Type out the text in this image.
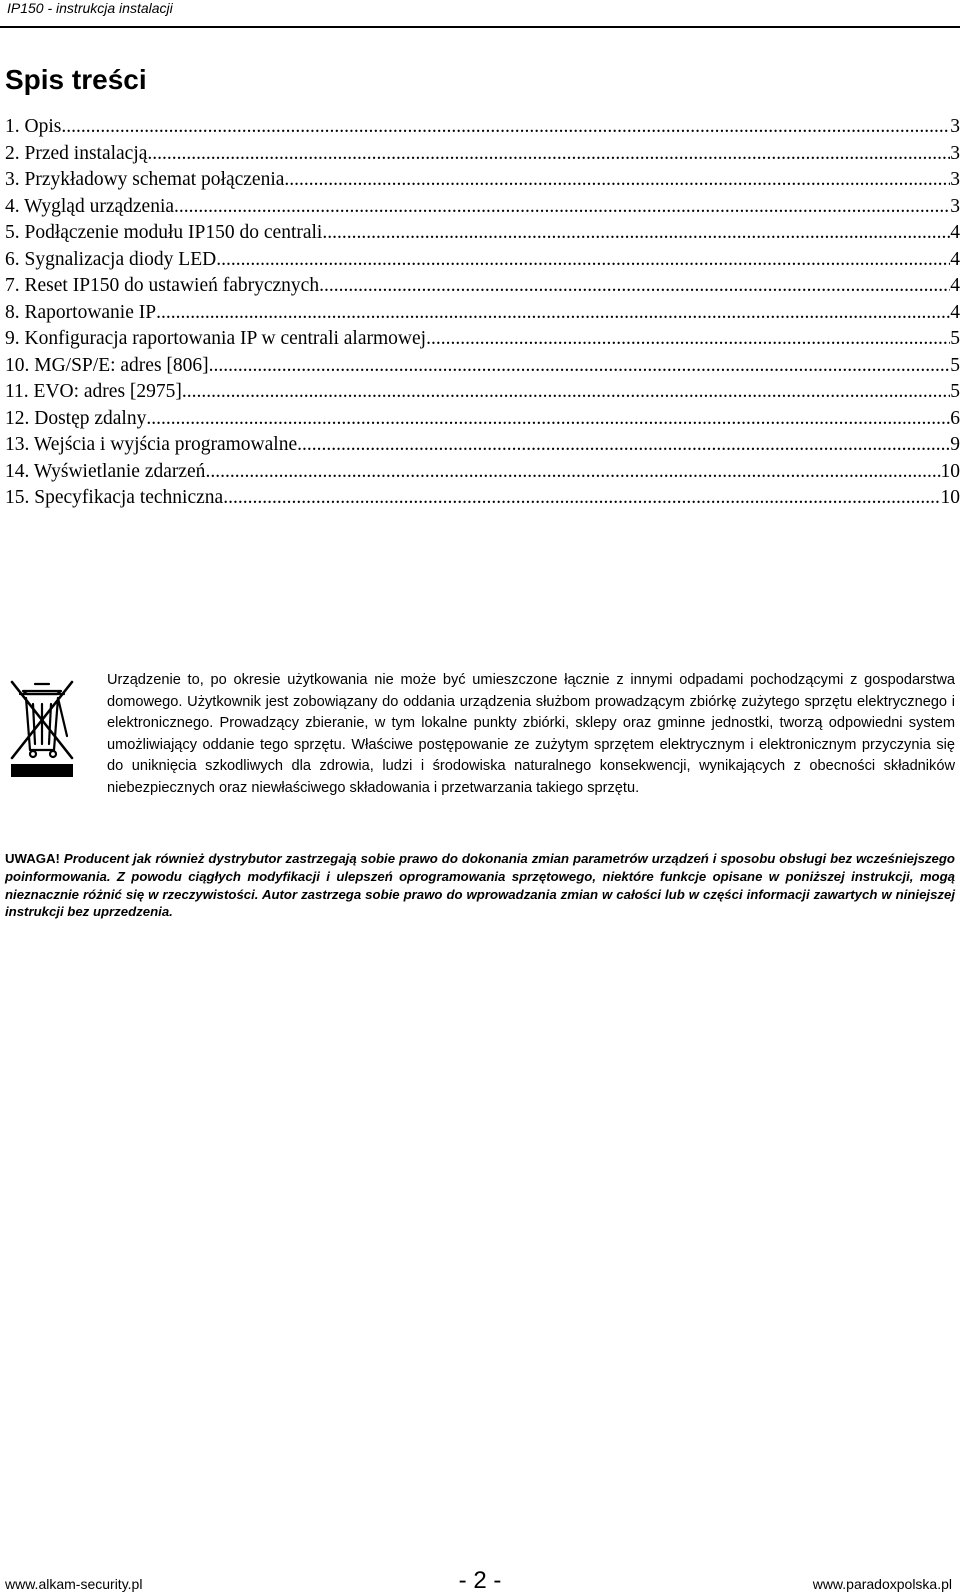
IP150 - instrukcja instalacji
Spis treści
1. Opis .....	3
2. Przed instalacją .....	3
3. Przykładowy schemat połączenia .....	3
4. Wygląd urządzenia .....	3
5. Podłączenie modułu IP150 do centrali .....	4
6. Sygnalizacja diody LED .....	4
7. Reset IP150 do ustawień fabrycznych .....	4
8. Raportowanie IP .....	4
9. Konfiguracja raportowania IP w centrali alarmowej .....	5
10. MG/SP/E: adres [806] .....	5
11. EVO: adres [2975] .....	5
12. Dostęp zdalny .....	6
13. Wejścia i wyjścia programowalne .....	9
14. Wyświetlanie zdarzeń .....	10
15. Specyfikacja techniczna .....	10

Urządzenie to, po okresie użytkowania nie może być umieszczone łącznie z innymi odpadami pochodzącymi z gospodarstwa domowego. Użytkownik jest zobowiązany do oddania urządzenia służbom prowadzącym zbiórkę zużytego sprzętu elektrycznego i elektronicznego. Prowadzący zbieranie, w tym lokalne punkty zbiórki, sklepy oraz gminne jednostki, tworzą odpowiedni system umożliwiający oddanie tego sprzętu. Właściwe postępowanie ze zużytym sprzętem elektrycznym i elektronicznym przyczynia się do uniknięcia szkodliwych dla zdrowia, ludzi i środowiska naturalnego konsekwencji, wynikających z obecności składników niebezpiecznych oraz niewłaściwego składowania i przetwarzania takiego sprzętu.

UWAGA! Producent jak również dystrybutor zastrzegają sobie prawo do dokonania zmian parametrów urządzeń i sposobu obsługi bez wcześniejszego poinformowania. Z powodu ciągłych modyfikacji i ulepszeń oprogramowania sprzętowego, niektóre funkcje opisane w poniższej instrukcji, mogą nieznacznie różnić się w rzeczywistości. Autor zastrzega sobie prawo do wprowadzania zmian w całości lub w części informacji zawartych w niniejszej instrukcji bez uprzedzenia.

www.alkam-security.pl	- 2 -	www.paradoxpolska.pl
